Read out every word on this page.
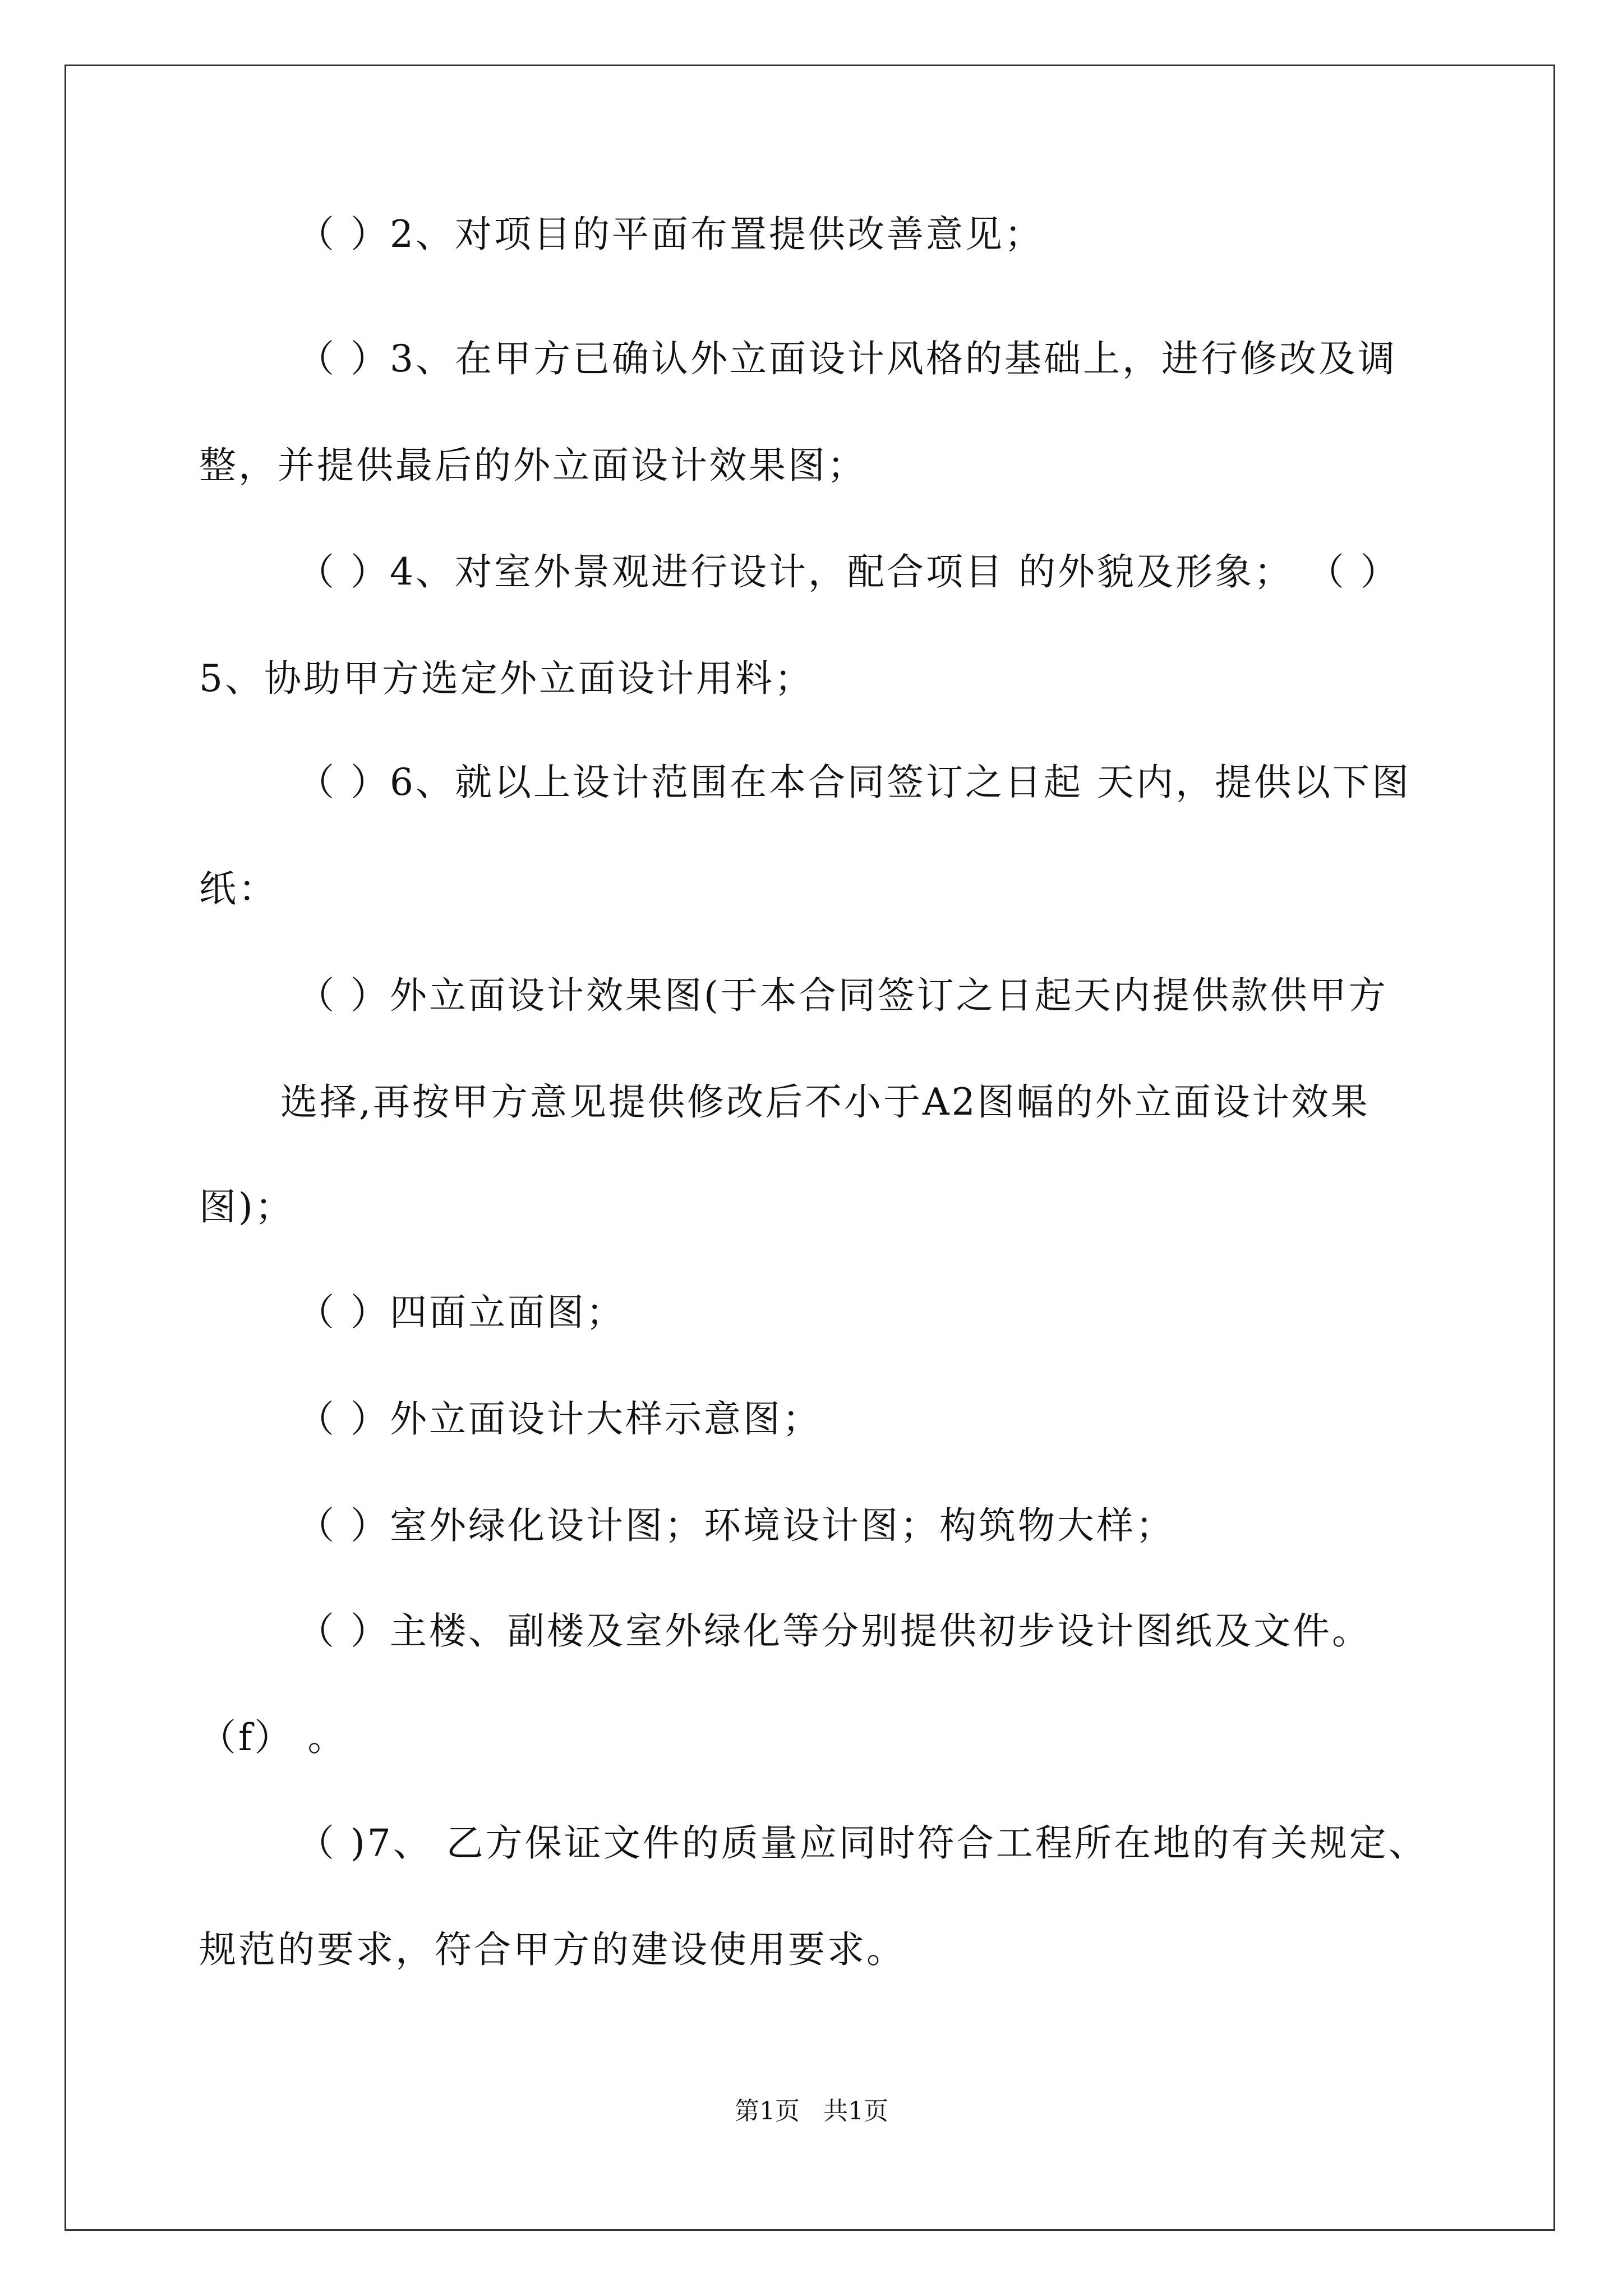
（ ）2、对项目的平面布置提供改善意见；
（ ）3、在甲方已确认外立面设计风格的基础上，进行修改及调
整，并提供最后的外立面设计效果图；
（ ）4、对室外景观进行设计，配合项目 的外貌及形象； （ ）
5、协助甲方选定外立面设计用料；
（ ）6、就以上设计范围在本合同签订之日起 天内，提供以下图
纸：
（ ）外立面设计效果图(于本合同签订之日起天内提供款供甲方
选择,再按甲方意见提供修改后不小于A2图幅的外立面设计效果
图)；
（ ）四面立面图；
（ ）外立面设计大样示意图；
（ ）室外绿化设计图；环境设计图；构筑物大样；
（ ）主楼、副楼及室外绿化等分别提供初步设计图纸及文件。
（f） 。
（ )7、 乙方保证文件的质量应同时符合工程所在地的有关规定、
规范的要求，符合甲方的建设使用要求。
第1页   共1页
